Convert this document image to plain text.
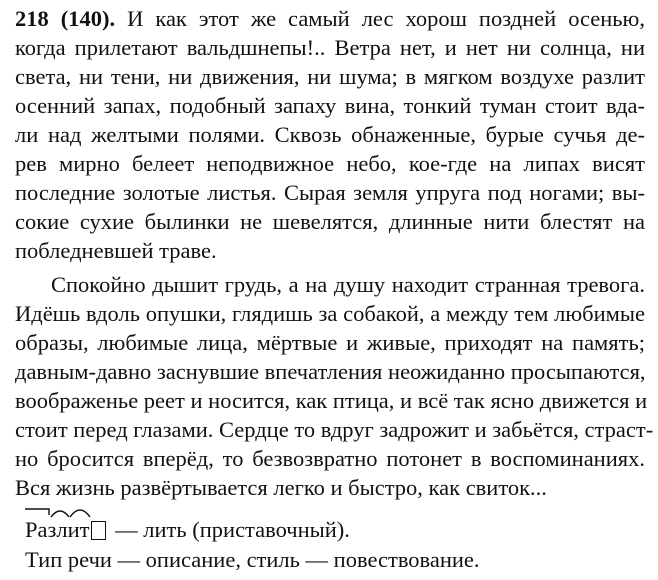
218 (140). И как этот же самый лес хорош поздней осенью,
когда прилетают вальдшнепы!.. Ветра нет, и нет ни солнца, ни
света, ни тени, ни движения, ни шума; в мягком воздухе разлит
осенний запах, подобный запаху вина, тонкий туман стоит вда-
ли над желтыми полями. Сквозь обнаженные, бурые сучья де-
рев мирно белеет неподвижное небо, кое-где на липах висят
последние золотые листья. Сырая земля упруга под ногами; вы-
сокие сухие былинки не шевелятся, длинные нити блестят на
побледневшей траве.
Спокойно дышит грудь, а на душу находит странная тревога.
Идёшь вдоль опушки, глядишь за собакой, а между тем любимые
образы, любимые лица, мёртвые и живые, приходят на память;
давным-давно заснувшие впечатления неожиданно просыпаются,
воображенье реет и носится, как птица, и всё так ясно движется и
стоит перед глазами. Сердце то вдруг задрожит и забьётся, страст-
но бросится вперёд, то безвозвратно потонет в воспоминаниях.
Вся жизнь развёртывается легко и быстро, как свиток...
Разлит — лить (приставочный).
Тип речи — описание, стиль — повествование.
